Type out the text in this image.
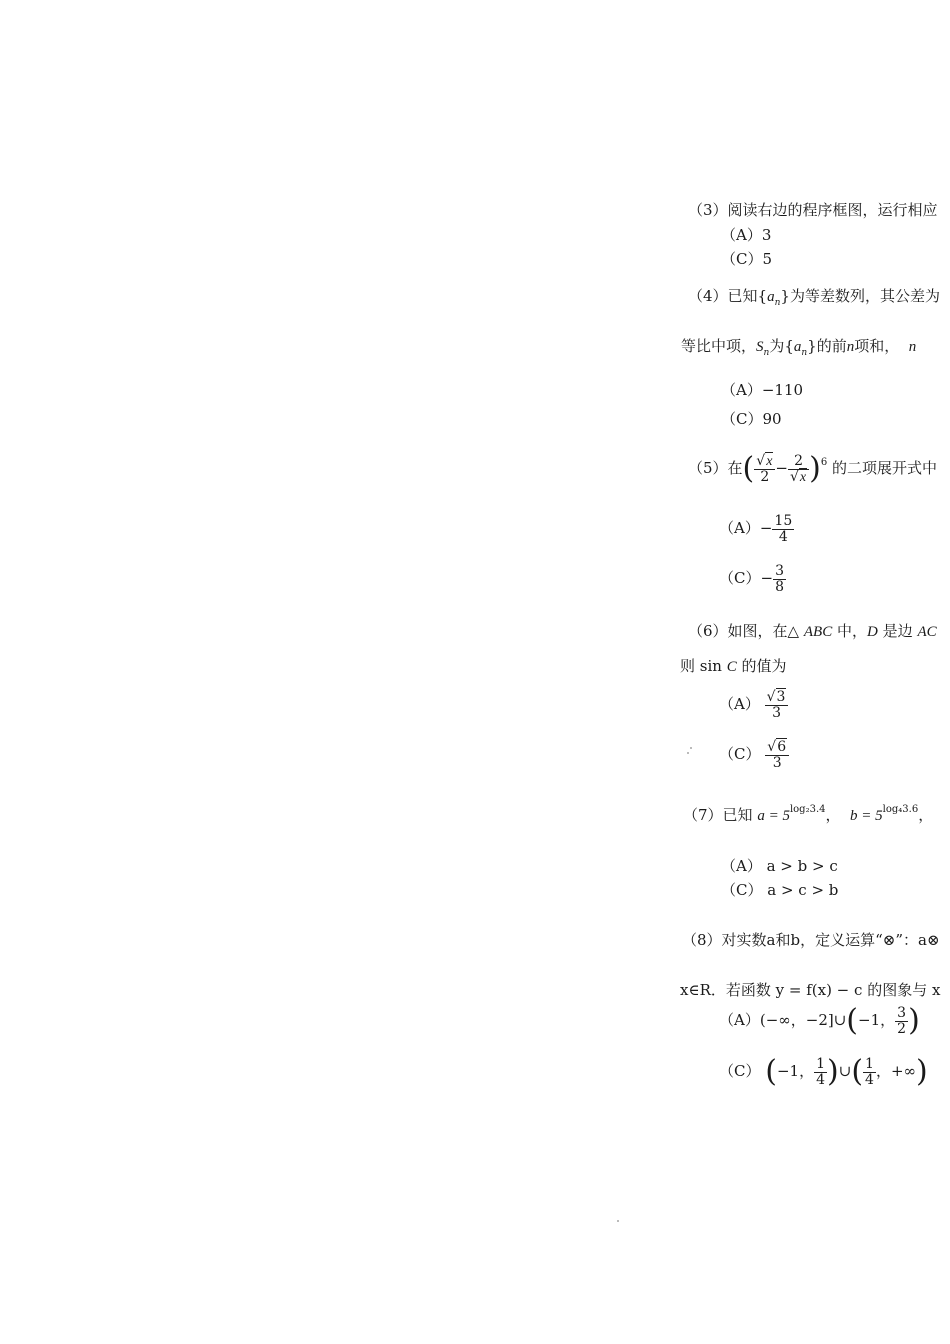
（3）阅读右边的程序框图，运行相应
（A）3
（C）5
（4）已知$\{a_n\}$为等差数列，其公差为
等比中项，$S_n$为$\{a_n\}$的前n项和， n
（A）−110
（C）90
（5）在( $\frac{√x}{2} - \frac{2}{√x} )^6$ 的二项展开式中
$(A)- \frac{15}{4}$
$(C)- \frac{3}{8}$
（6）如图，在△ ABC 中，D 是边 AC
则 sin C 的值为
$(A) \frac{√3}{3}$
$(C) \frac{√6}{3}$
（7）已知 $a = 5^{log_23.4}$，  $b = 5^{log_43.6}$，
（A） a > b > c
（C） a > c > b
（8）对实数a和b，定义运算“⊗”：a⊗
x∈R．若函数 y = f(x) − c 的图象与 x
（A）(−∞，−2]∪(−1， $\frac{3}{2}$ )
（C） (−1， $\frac{1}{4}$ )∪( $\frac{1}{4}$ ，+∞)
